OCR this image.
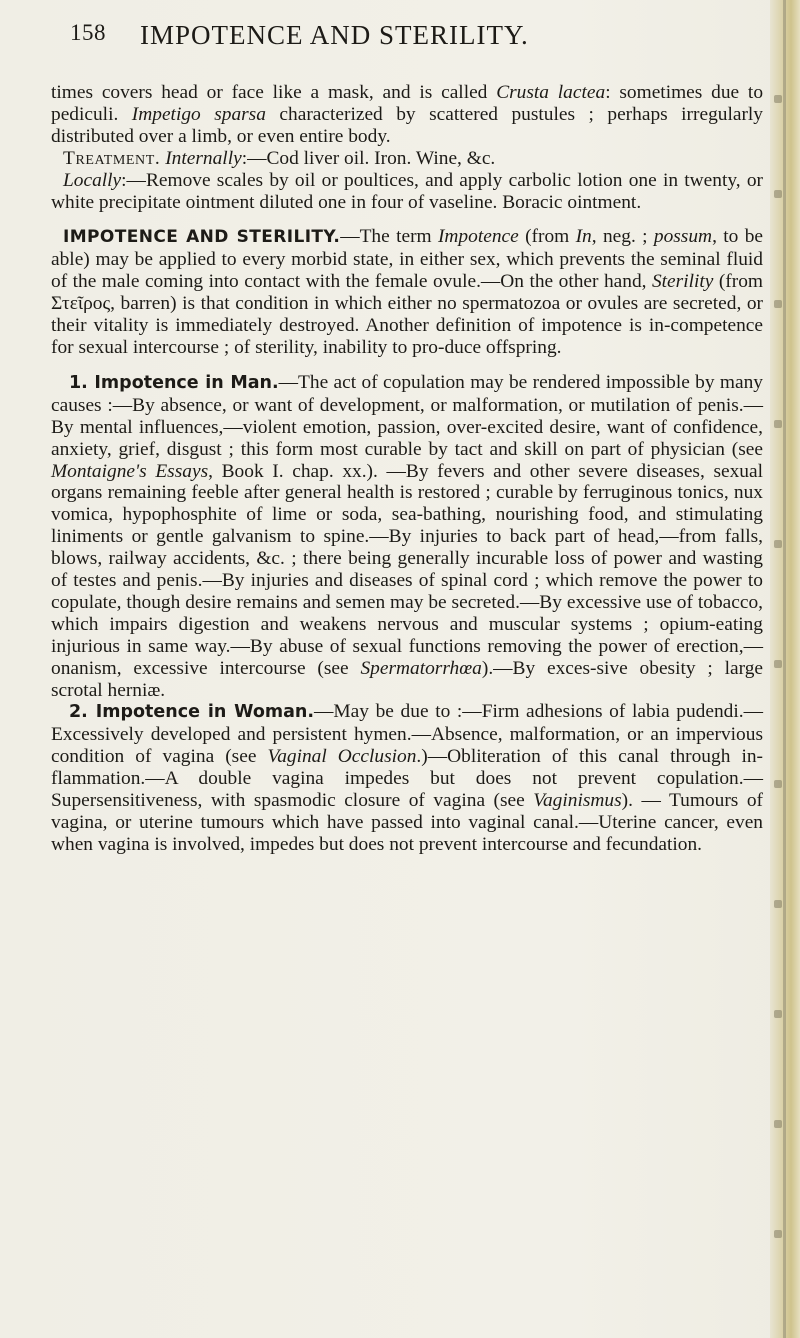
158 IMPOTENCE AND STERILITY.

times covers head or face like a mask, and is called Crusta lactea: sometimes due to pediculi. Impetigo sparsa characterized by scattered pustules ; perhaps irregularly distributed over a limb, or even entire body.

Treatment. Internally:—Cod liver oil. Iron. Wine, &c.

Locally:—Remove scales by oil or poultices, and apply carbolic lotion one in twenty, or white precipitate ointment diluted one in four of vaseline. Boracic ointment.

IMPOTENCE AND STERILITY.—The term Impotence (from In, neg. ; possum, to be able) may be applied to every morbid state, in either sex, which prevents the seminal fluid of the male coming into contact with the female ovule.—On the other hand, Sterility (from Στεῖρος, barren) is that condition in which either no spermatozoa or ovules are secreted, or their vitality is immediately destroyed. Another definition of impotence is in-competence for sexual intercourse ; of sterility, inability to pro-duce offspring.

1. Impotence in Man.—The act of copulation may be rendered impossible by many causes :—By absence, or want of development, or malformation, or mutilation of penis.—By mental influences,—violent emotion, passion, over-excited desire, want of confidence, anxiety, grief, disgust ; this form most curable by tact and skill on part of physician (see Montaigne's Essays, Book I. chap. xx.). —By fevers and other severe diseases, sexual organs remaining feeble after general health is restored ; curable by ferruginous tonics, nux vomica, hypophosphite of lime or soda, sea-bathing, nourishing food, and stimulating liniments or gentle galvanism to spine.—By injuries to back part of head,—from falls, blows, railway accidents, &c. ; there being generally incurable loss of power and wasting of testes and penis.—By injuries and diseases of spinal cord ; which remove the power to copulate, though desire remains and semen may be secreted.—By excessive use of tobacco, which impairs digestion and weakens nervous and muscular systems ; opium-eating injurious in same way.—By abuse of sexual functions removing the power of erection,—onanism, excessive intercourse (see Spermatorrhœa).—By exces-sive obesity ; large scrotal herniæ.

2. Impotence in Woman.—May be due to :—Firm adhesions of labia pudendi.—Excessively developed and persistent hymen.—Absence, malformation, or an impervious condition of vagina (see Vaginal Occlusion.)—Obliteration of this canal through in-flammation.—A double vagina impedes but does not prevent copulation.—Supersensitiveness, with spasmodic closure of vagina (see Vaginismus). — Tumours of vagina, or uterine tumours which have passed into vaginal canal.—Uterine cancer, even when vagina is involved, impedes but does not prevent intercourse and fecundation.
